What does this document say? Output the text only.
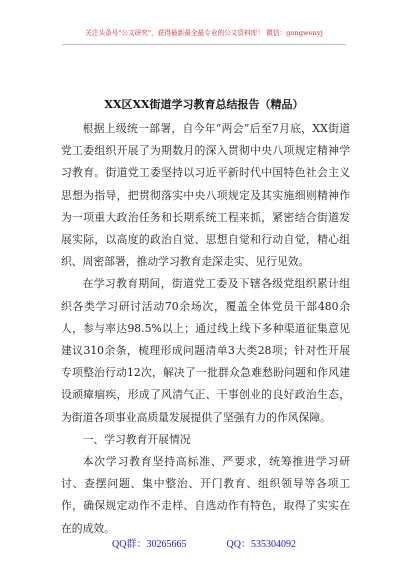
关注头条号"公文研究"，获得最新最全最专业的公文资料库！ 微信：gongwenyj
XX区XX街道学习教育总结报告（精品）

根据上级统一部署，自今年“两会”后至7月底，XX街道党工委组织开展了为期数月的深入贯彻中央八项规定精神学习教育。街道党工委坚持以习近平新时代中国特色社会主义思想为指导，把贯彻落实中央八项规定及其实施细则精神作为一项重大政治任务和长期系统工程来抓，紧密结合街道发展实际，以高度的政治自觉、思想自觉和行动自觉，精心组织、周密部署，推动学习教育走深走实、见行见效。

在学习教育期间，街道党工委及下辖各级党组织累计组织各类学习研讨活动70余场次，覆盖全体党员干部480余人，参与率达98.5%以上；通过线上线下多种渠道征集意见建议310余条，梳理形成问题清单3大类28项；针对性开展专项整治行动12次，解决了一批群众急难愁盼问题和作风建设顽瘴痼疾，形成了风清气正、干事创业的良好政治生态，为街道各项事业高质量发展提供了坚强有力的作风保障。

一、学习教育开展情况

本次学习教育坚持高标准、严要求，统筹推进学习研讨、查摆问题、集中整治、开门教育、组织领导等各项工作，确保规定动作不走样、自选动作有特色，取得了实实在在的成效。

QQ群：30265665	QQ：535304092
